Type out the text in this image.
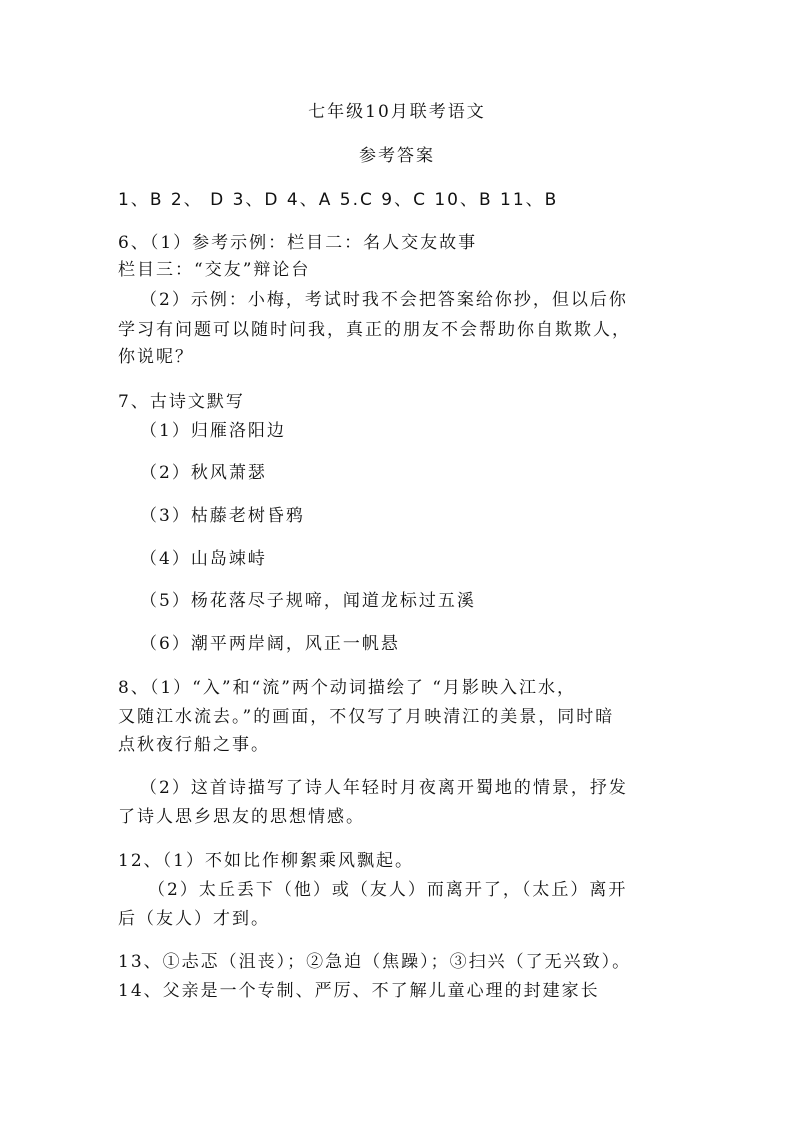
七年级10月联考语文
参考答案
1、B 2、 D 3、D 4、A 5.C 9、C 10、B 11、B
6、（1）参考示例：栏目二：名人交友故事
栏目三：“交友”辩论台
（2）示例：小梅，考试时我不会把答案给你抄，但以后你
学习有问题可以随时问我，真正的朋友不会帮助你自欺欺人，
你说呢？
7、古诗文默写
（1）归雁洛阳边
（2）秋风萧瑟
（3）枯藤老树昏鸦
（4）山岛竦峙
（5）杨花落尽子规啼，闻道龙标过五溪
（6）潮平两岸阔，风正一帆悬
8、（1）“入”和“流”两个动词描绘了 “月影映入江水，
又随江水流去。”的画面，不仅写了月映清江的美景，同时暗
点秋夜行船之事。
（2）这首诗描写了诗人年轻时月夜离开蜀地的情景，抒发
了诗人思乡思友的思想情感。
12、（1）不如比作柳絮乘风飘起。
（2）太丘丢下（他）或（友人）而离开了，（太丘）离开
后（友人）才到。
13、①忐忑（沮丧）；②急迫（焦躁）；③扫兴（了无兴致）。
14、父亲是一个专制、严厉、不了解儿童心理的封建家长
